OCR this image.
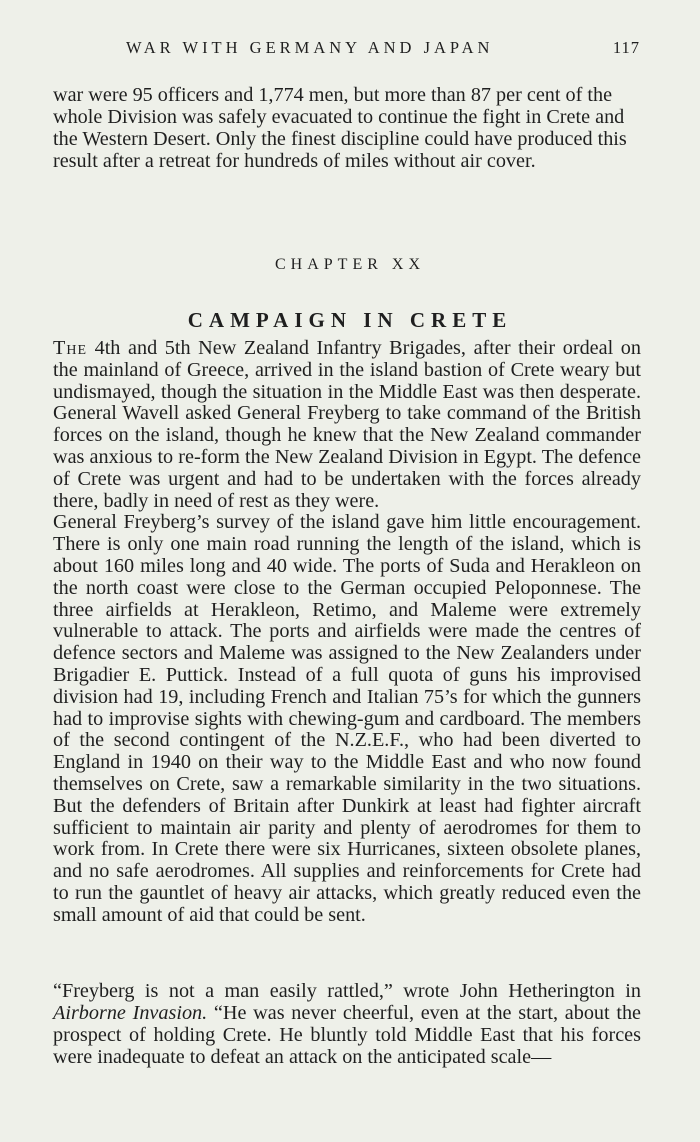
WAR WITH GERMANY AND JAPAN	117

war were 95 officers and 1,774 men, but more than 87 per cent of the whole Division was safely evacuated to continue the fight in Crete and the Western Desert. Only the finest discipline could have produced this result after a retreat for hundreds of miles without air cover.

CHAPTER XX
CAMPAIGN IN CRETE

The 4th and 5th New Zealand Infantry Brigades, after their ordeal on the mainland of Greece, arrived in the island bastion of Crete weary but undismayed, though the situation in the Middle East was then desperate. General Wavell asked General Freyberg to take command of the British forces on the island, though he knew that the New Zealand commander was anxious to re-form the New Zealand Division in Egypt. The defence of Crete was urgent and had to be undertaken with the forces already there, badly in need of rest as they were.

General Freyberg’s survey of the island gave him little encouragement. There is only one main road running the length of the island, which is about 160 miles long and 40 wide. The ports of Suda and Herakleon on the north coast were close to the German occupied Peloponnese. The three airfields at Herakleon, Retimo, and Maleme were extremely vulnerable to attack. The ports and airfields were made the centres of defence sectors and Maleme was assigned to the New Zealanders under Brigadier E. Puttick. Instead of a full quota of guns his improvised division had 19, including French and Italian 75’s for which the gunners had to improvise sights with chewing-gum and cardboard. The members of the second contingent of the N.Z.E.F., who had been diverted to England in 1940 on their way to the Middle East and who now found themselves on Crete, saw a remarkable similarity in the two situations. But the defenders of Britain after Dunkirk at least had fighter aircraft sufficient to maintain air parity and plenty of aerodromes for them to work from. In Crete there were six Hurricanes, sixteen obsolete planes, and no safe aerodromes. All supplies and reinforcements for Crete had to run the gauntlet of heavy air attacks, which greatly reduced even the small amount of aid that could be sent.

“Freyberg is not a man easily rattled,” wrote John Hetherington in Airborne Invasion. “He was never cheerful, even at the start, about the prospect of holding Crete. He bluntly told Middle East that his forces were inadequate to defeat an attack on the anticipated scale—
